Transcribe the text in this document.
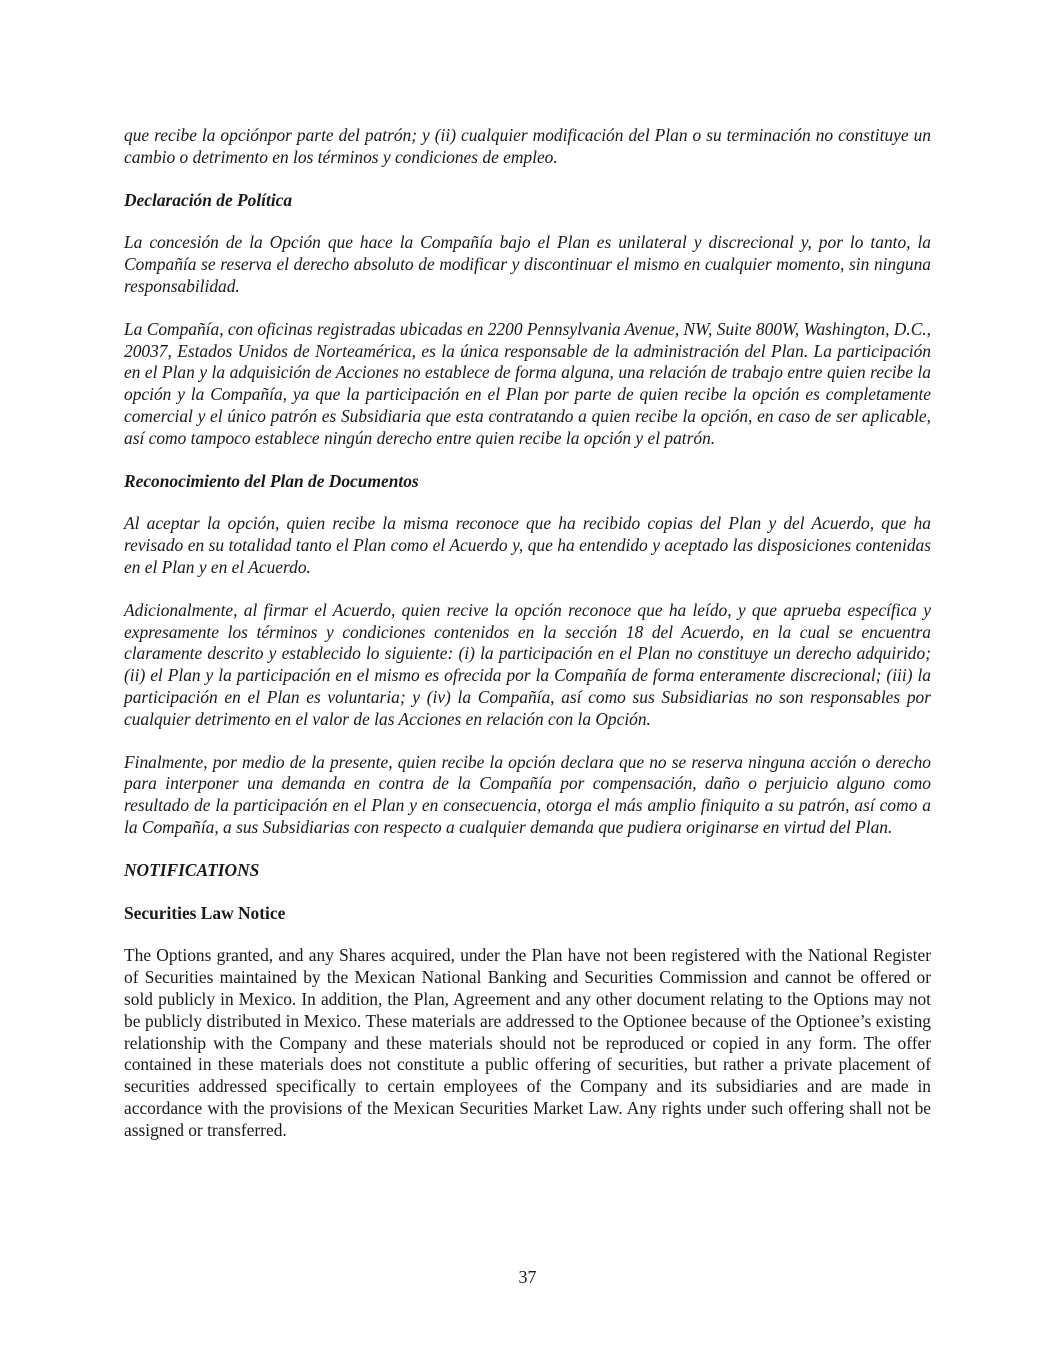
que recibe la opciónpor parte del patrón; y (ii) cualquier modificación del Plan o su terminación no constituye un cambio o detrimento en los términos y condiciones de empleo.

Declaración de Política

La concesión de la Opción que hace la Compañía bajo el Plan es unilateral y discrecional y, por lo tanto, la Compañía se reserva el derecho absoluto de modificar y discontinuar el mismo en cualquier momento, sin ninguna responsabilidad.

La Compañía, con oficinas registradas ubicadas en 2200 Pennsylvania Avenue, NW, Suite 800W, Washington, D.C., 20037, Estados Unidos de Norteamérica, es la única responsable de la administración del Plan. La participación en el Plan y la adquisición de Acciones no establece de forma alguna, una relación de trabajo entre quien recibe la opción y la Compañía, ya que la participación en el Plan por parte de quien recibe la opción es completamente comercial y el único patrón es Subsidiaria que esta contratando a quien recibe la opción, en caso de ser aplicable, así como tampoco establece ningún derecho entre quien recibe la opción y el patrón.

Reconocimiento del Plan de Documentos

Al aceptar la opción, quien recibe la misma reconoce que ha recibido copias del Plan y del Acuerdo, que ha revisado en su totalidad tanto el Plan como el Acuerdo y, que ha entendido y aceptado las disposiciones contenidas en el Plan y en el Acuerdo.

Adicionalmente, al firmar el Acuerdo, quien recive la opción reconoce que ha leído, y que aprueba específica y expresamente los términos y condiciones contenidos en la sección 18 del Acuerdo, en la cual se encuentra claramente descrito y establecido lo siguiente: (i) la participación en el Plan no constituye un derecho adquirido; (ii) el Plan y la participación en el mismo es ofrecida por la Compañía de forma enteramente discrecional; (iii) la participación en el Plan es voluntaria; y (iv) la Compañía, así como sus Subsidiarias no son responsables por cualquier detrimento en el valor de las Acciones en relación con la Opción.

Finalmente, por medio de la presente, quien recibe la opción declara que no se reserva ninguna acción o derecho para interponer una demanda en contra de la Compañía por compensación, daño o perjuicio alguno como resultado de la participación en el Plan y en consecuencia, otorga el más amplio finiquito a su patrón, así como a la Compañía, a sus Subsidiarias con respecto a cualquier demanda que pudiera originarse en virtud del Plan.

NOTIFICATIONS

Securities Law Notice

The Options granted, and any Shares acquired, under the Plan have not been registered with the National Register of Securities maintained by the Mexican National Banking and Securities Commission and cannot be offered or sold publicly in Mexico. In addition, the Plan, Agreement and any other document relating to the Options may not be publicly distributed in Mexico. These materials are addressed to the Optionee because of the Optionee’s existing relationship with the Company and these materials should not be reproduced or copied in any form. The offer contained in these materials does not constitute a public offering of securities, but rather a private placement of securities addressed specifically to certain employees of the Company and its subsidiaries and are made in accordance with the provisions of the Mexican Securities Market Law. Any rights under such offering shall not be assigned or transferred.

37
